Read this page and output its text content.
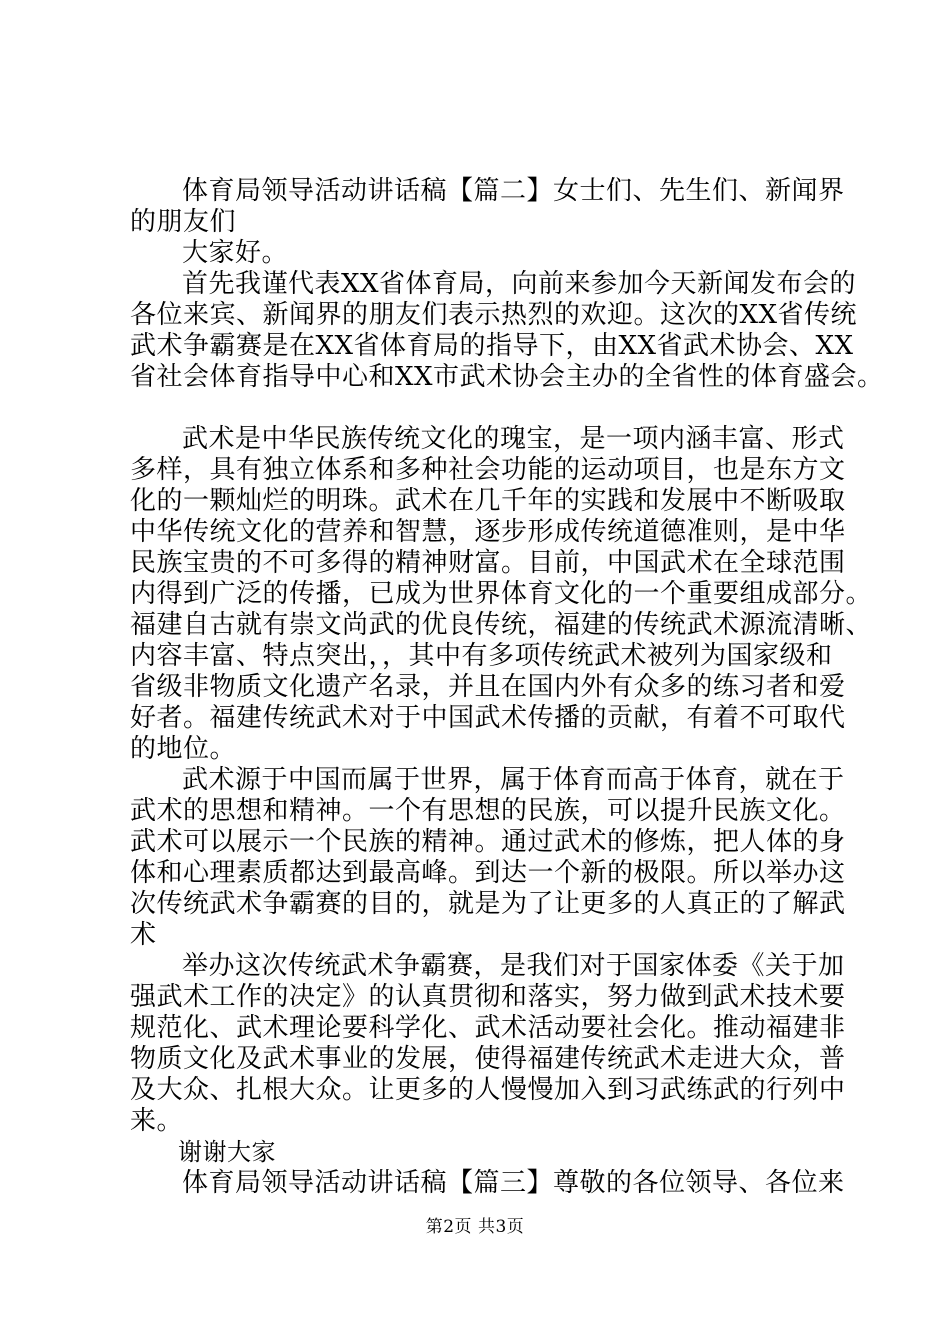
体育局领导活动讲话稿【篇二】女士们、先生们、新闻界
的朋友们
大家好。
首先我谨代表XX省体育局，向前来参加今天新闻发布会的
各位来宾、新闻界的朋友们表示热烈的欢迎。这次的XX省传统
武术争霸赛是在XX省体育局的指导下，由XX省武术协会、XX
省社会体育指导中心和XX市武术协会主办的全省性的体育盛会。
武术是中华民族传统文化的瑰宝，是一项内涵丰富、形式
多样，具有独立体系和多种社会功能的运动项目，也是东方文
化的一颗灿烂的明珠。武术在几千年的实践和发展中不断吸取
中华传统文化的营养和智慧，逐步形成传统道德准则，是中华
民族宝贵的不可多得的精神财富。目前，中国武术在全球范围
内得到广泛的传播，已成为世界体育文化的一个重要组成部分。
福建自古就有崇文尚武的优良传统，福建的传统武术源流清晰、
内容丰富、特点突出，，其中有多项传统武术被列为国家级和
省级非物质文化遗产名录，并且在国内外有众多的练习者和爱
好者。福建传统武术对于中国武术传播的贡献，有着不可取代
的地位。
武术源于中国而属于世界，属于体育而高于体育，就在于
武术的思想和精神。一个有思想的民族，可以提升民族文化。
武术可以展示一个民族的精神。通过武术的修炼，把人体的身
体和心理素质都达到最高峰。到达一个新的极限。所以举办这
次传统武术争霸赛的目的，就是为了让更多的人真正的了解武
术
举办这次传统武术争霸赛，是我们对于国家体委《关于加
强武术工作的决定》的认真贯彻和落实，努力做到武术技术要
规范化、武术理论要科学化、武术活动要社会化。推动福建非
物质文化及武术事业的发展，使得福建传统武术走进大众，普
及大众、扎根大众。让更多的人慢慢加入到习武练武的行列中
来。
谢谢大家
体育局领导活动讲话稿【篇三】尊敬的各位领导、各位来
第2页 共3页
